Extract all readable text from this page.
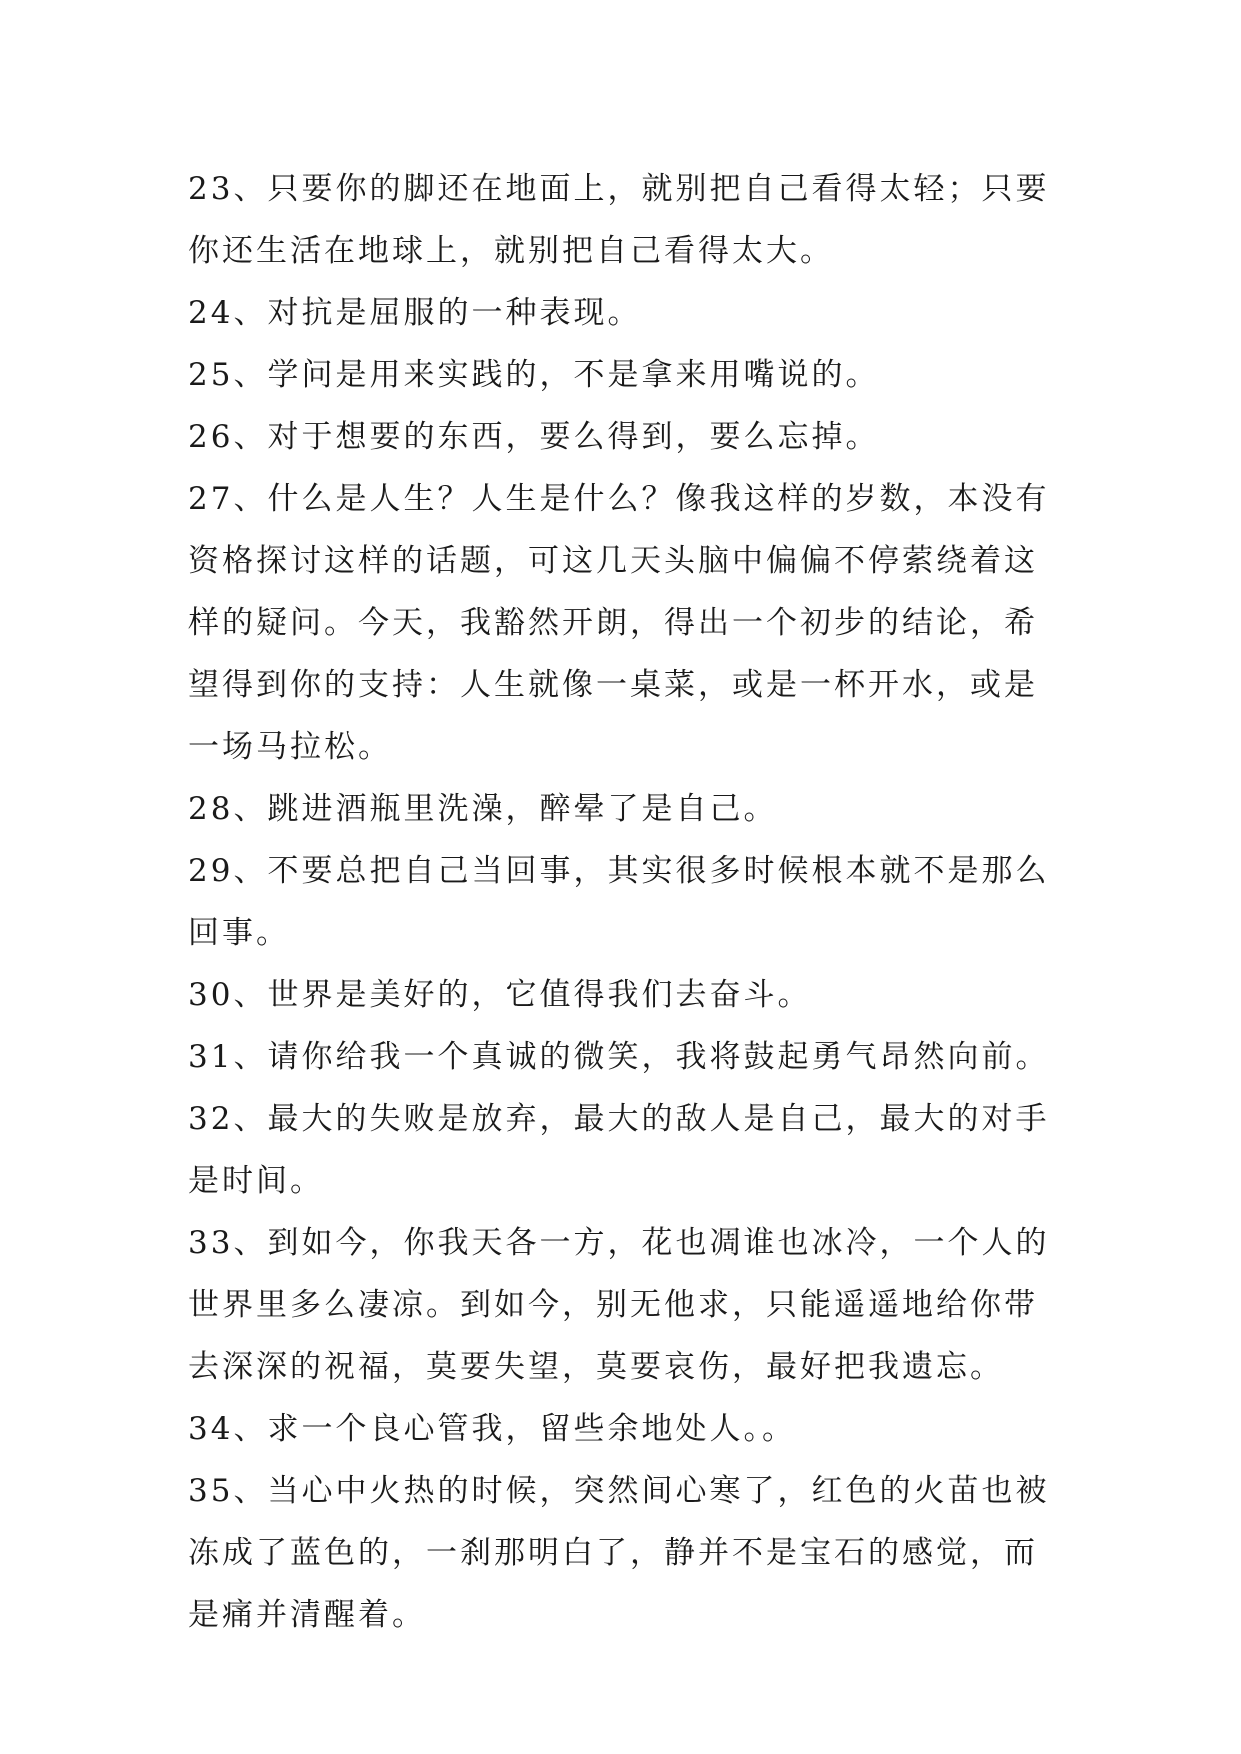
23、只要你的脚还在地面上，就别把自己看得太轻；只要你还生活在地球上，就别把自己看得太大。

24、对抗是屈服的一种表现。

25、学问是用来实践的，不是拿来用嘴说的。

26、对于想要的东西，要么得到，要么忘掉。

27、什么是人生？人生是什么？像我这样的岁数，本没有资格探讨这样的话题，可这几天头脑中偏偏不停萦绕着这样的疑问。今天，我豁然开朗，得出一个初步的结论，希望得到你的支持：人生就像一桌菜，或是一杯开水，或是一场马拉松。

28、跳进酒瓶里洗澡，醉晕了是自己。

29、不要总把自己当回事，其实很多时候根本就不是那么回事。

30、世界是美好的，它值得我们去奋斗。

31、请你给我一个真诚的微笑，我将鼓起勇气昂然向前。

32、最大的失败是放弃，最大的敌人是自己，最大的对手是时间。

33、到如今，你我天各一方，花也凋谁也冰冷，一个人的世界里多么凄凉。到如今，别无他求，只能遥遥地给你带去深深的祝福，莫要失望，莫要哀伤，最好把我遗忘。

34、求一个良心管我，留些余地处人。。

35、当心中火热的时候，突然间心寒了，红色的火苗也被冻成了蓝色的，一刹那明白了，静并不是宝石的感觉，而是痛并清醒着。
